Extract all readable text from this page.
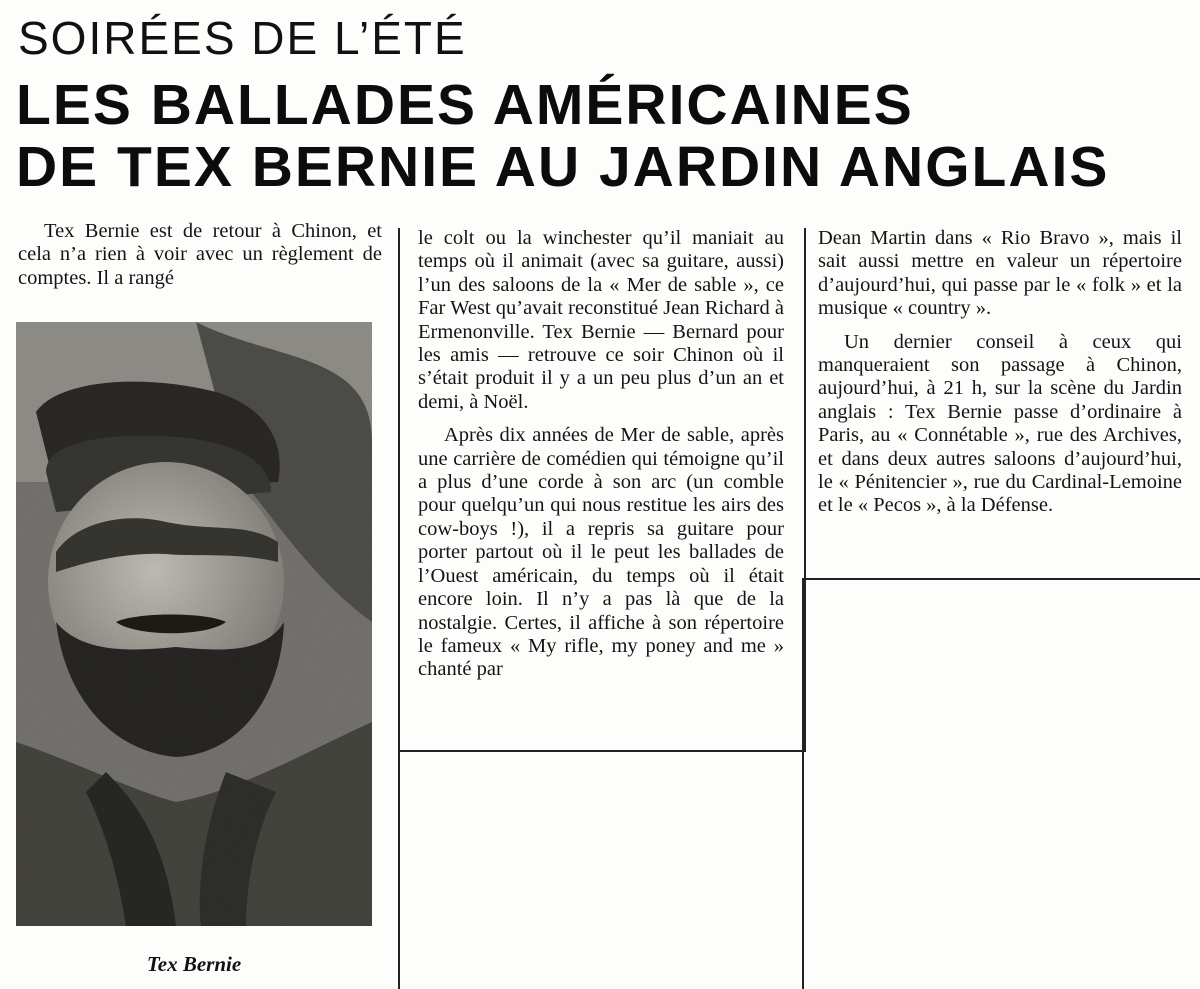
SOIRÉES DE L’ÉTÉ
LES BALLADES AMÉRICAINES
DE TEX BERNIE AU JARDIN ANGLAIS

Tex Bernie est de retour à Chinon, et cela n’a rien à voir avec un règlement de comptes. Il a rangé

Tex Bernie

le colt ou la winchester qu’il maniait au temps où il animait (avec sa guitare, aussi) l’un des saloons de la « Mer de sable », ce Far West qu’avait reconstitué Jean Richard à Ermenonville. Tex Bernie — Bernard pour les amis — retrouve ce soir Chinon où il s’était produit il y a un peu plus d’un an et demi, à Noël.

Après dix années de Mer de sable, après une carrière de comédien qui témoigne qu’il a plus d’une corde à son arc (un comble pour quelqu’un qui nous restitue les airs des cow-boys !), il a repris sa guitare pour porter partout où il le peut les ballades de l’Ouest américain, du temps où il était encore loin. Il n’y a pas là que de la nostalgie. Certes, il affiche à son répertoire le fameux « My rifle, my poney and me » chanté par

Dean Martin dans « Rio Bravo », mais il sait aussi mettre en valeur un répertoire d’aujourd’hui, qui passe par le « folk » et la musique « country ».

Un dernier conseil à ceux qui manqueraient son passage à Chinon, aujourd’hui, à 21 h, sur la scène du Jardin anglais : Tex Bernie passe d’ordinaire à Paris, au « Connétable », rue des Archives, et dans deux autres saloons d’aujourd’hui, le « Pénitencier », rue du Cardinal-Lemoine et le « Pecos », à la Défense.
